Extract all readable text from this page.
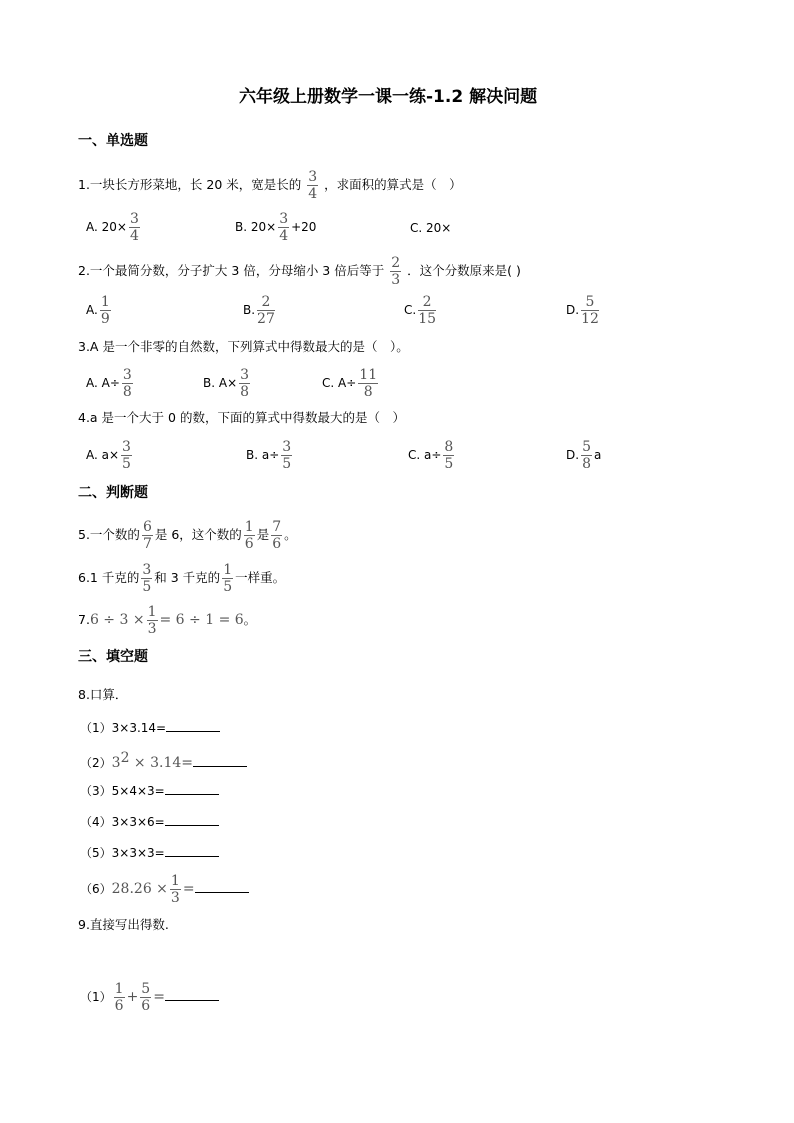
六年级上册数学一课一练-1.2 解决问题
一、单选题
1.一块长方形菜地，长 20 米，宽是长的 $\frac{3}{4}$ ，求面积的算式是（　）
A. $20\times \frac{3}{4}$	B. $20\times \frac{3}{4} +20$	C. 20×
2.一个最简分数，分子扩大 3 倍，分母缩小 3 倍后等于 $\frac{2}{3}$ ．这个分数原来是( )
A. $\frac{1}{9}$	B. $\frac{2}{27}$	C. $\frac{2}{15}$	D. $\frac{5}{12}$
3.A 是一个非零的自然数，下列算式中得数最大的是（　）。
A. $A\div \frac{3}{8}$	B. $A\times \frac{3}{8}$	C. $A\div \frac{11}{8}$
4.a 是一个大于 0 的数，下面的算式中得数最大的是（　）
A. $a\times \frac{3}{5}$	B. $a\div \frac{3}{5}$	C. $a\div \frac{8}{5}$	D. $\frac{5}{8}$ a
二、判断题
5.一个数的 $\frac{6}{7}$ 是 6，这个数的 $\frac{1}{6}$ 是 $\frac{7}{6}$ 。
6.1 千克的 $\frac{3}{5}$ 和 3 千克的 $\frac{1}{5}$ 一样重。
$7.6 \div 3 \times \frac{1}{3} = 6 \div 1 = 6$。
三、填空题
8.口算．
（1）3×3.14=
$(2)3^2 \times 3.14=$
（3）5×4×3=
（4）3×3×6=
（5）3×3×3=
$(6)28.26 \times \frac{1}{3}$ =
9.直接写出得数.
$(1) \frac{1}{6} + \frac{5}{6}$ =
